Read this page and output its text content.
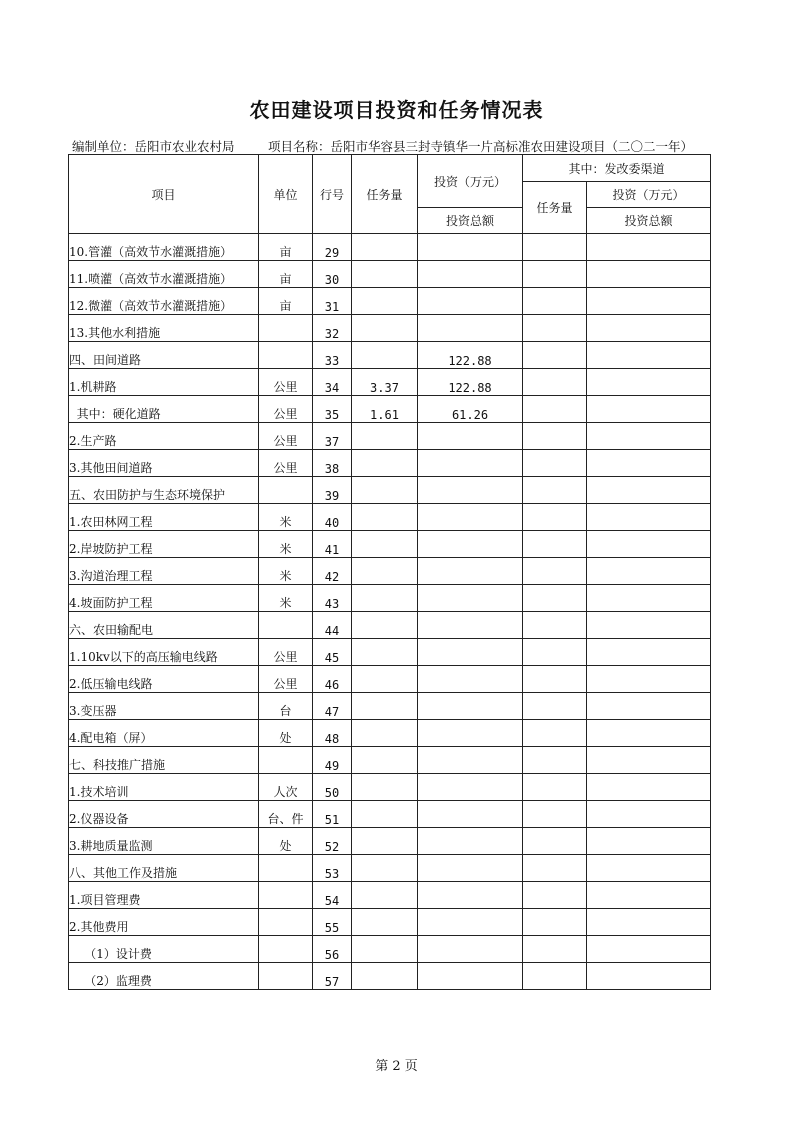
农田建设项目投资和任务情况表
编制单位：岳阳市农业农村局	项目名称：岳阳市华容县三封寺镇华一片高标准农田建设项目（二〇二一年）
项目	单位	行号	任务量	投资（万元）	其中：发改委渠道	
					任务量	投资（万元）
				投资总额		投资总额
10.管灌（高效节水灌溉措施）	亩	29				
11.喷灌（高效节水灌溉措施）	亩	30				
12.微灌（高效节水灌溉措施）	亩	31				
13.其他水利措施		32				
四、田间道路		33		122.88		
1.机耕路	公里	34	3.37	122.88		
其中：硬化道路	公里	35	1.61	61.26		
2.生产路	公里	37				
3.其他田间道路	公里	38				
五、农田防护与生态环境保护		39				
1.农田林网工程	米	40				
2.岸坡防护工程	米	41				
3.沟道治理工程	米	42				
4.坡面防护工程	米	43				
六、农田输配电		44				
1.10kv以下的高压输电线路	公里	45				
2.低压输电线路	公里	46				
3.变压器	台	47				
4.配电箱（屏）	处	48				
七、科技推广措施		49				
1.技术培训	人次	50				
2.仪器设备	台、件	51				
3.耕地质量监测	处	52				
八、其他工作及措施		53				
1.项目管理费		54				
2.其他费用		55				
（1）设计费		56				
（2）监理费		57				
第 2 页
